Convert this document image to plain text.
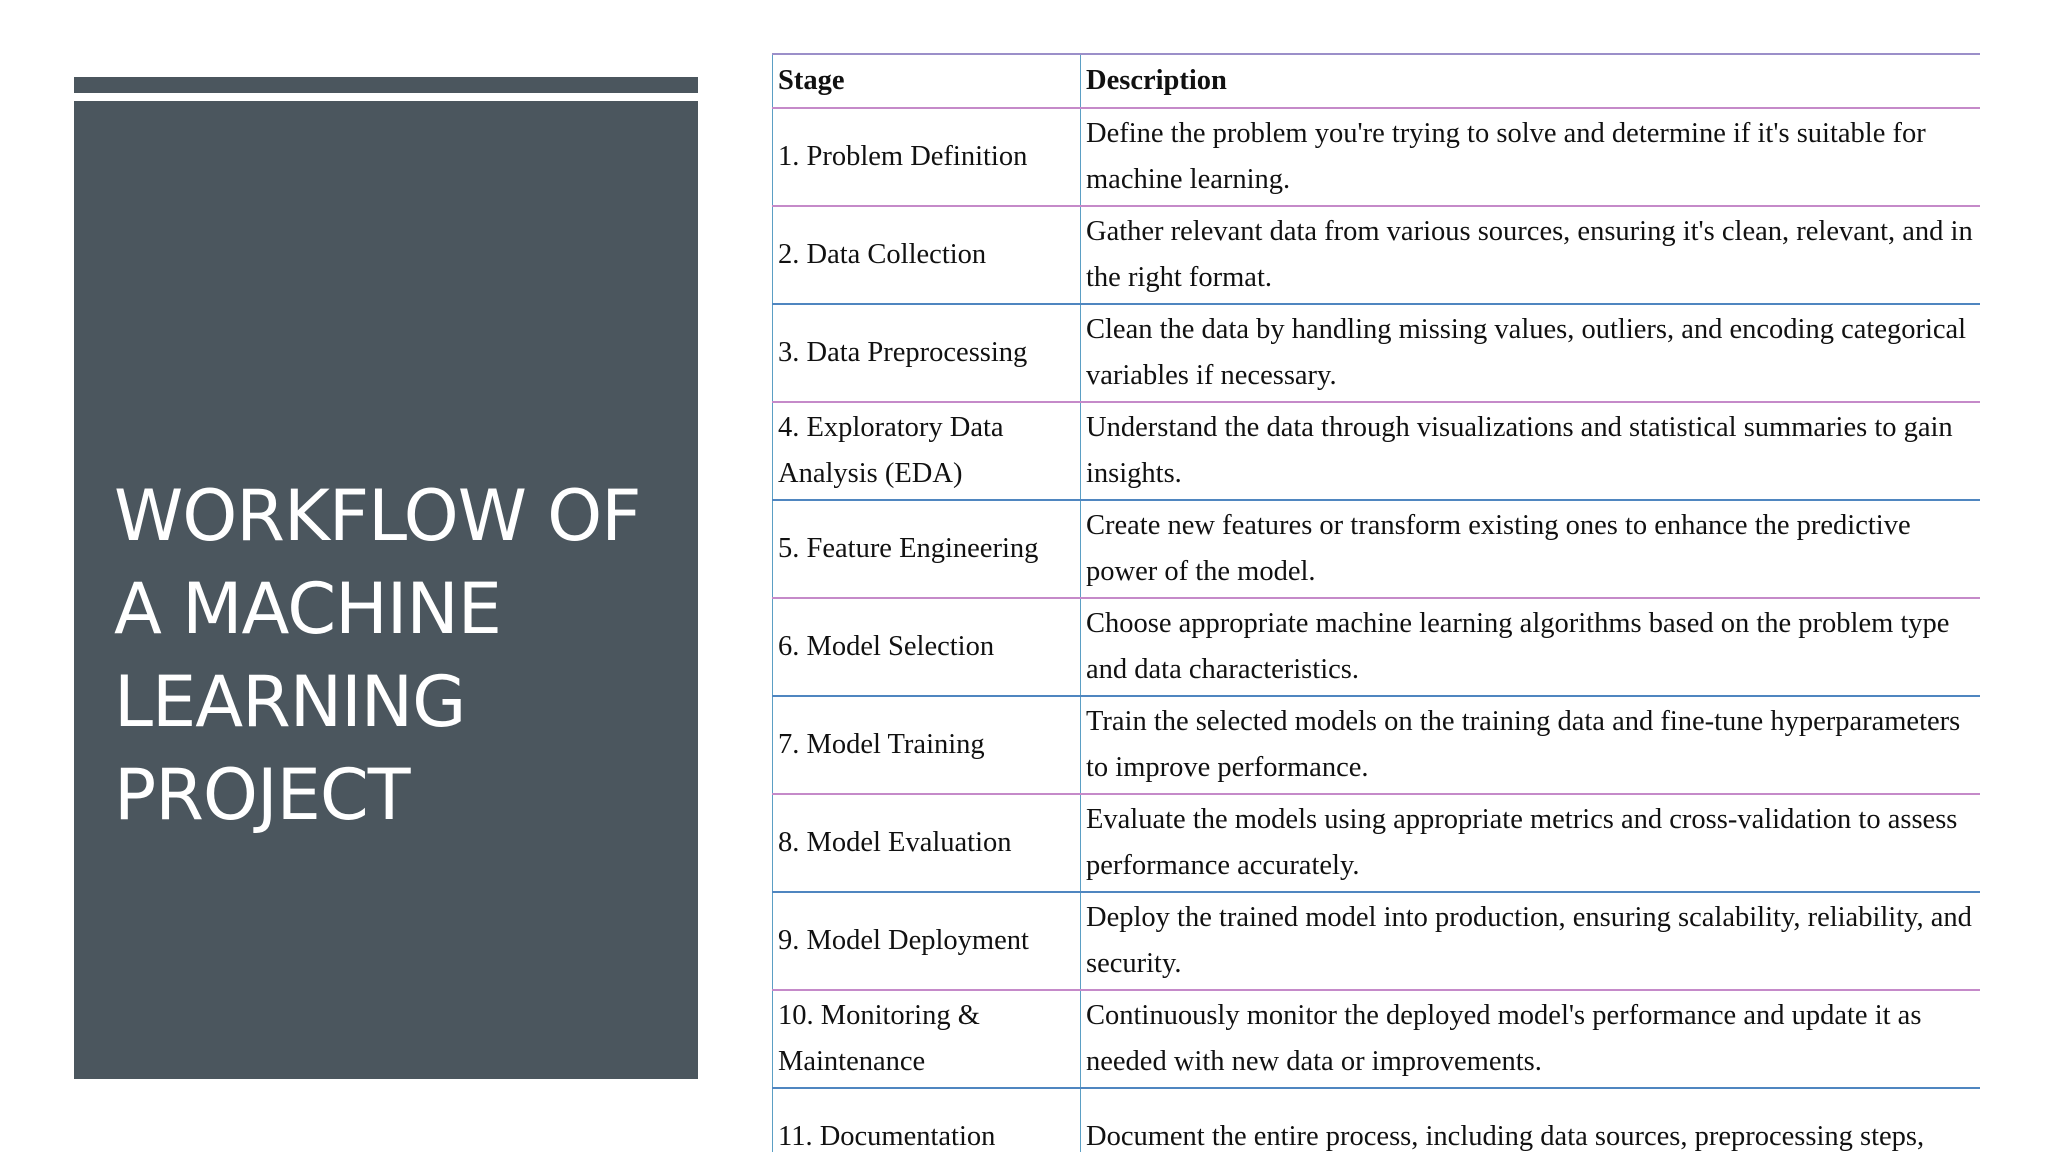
WORKFLOW OF
A MACHINE
LEARNING
PROJECT
Stage	Description
1. Problem Definition	Define the problem you're trying to solve and determine if it's suitable for machine learning.
2. Data Collection	Gather relevant data from various sources, ensuring it's clean, relevant, and in the right format.
3. Data Preprocessing	Clean the data by handling missing values, outliers, and encoding categorical variables if necessary.
4. Exploratory Data Analysis (EDA)	Understand the data through visualizations and statistical summaries to gain insights.
5. Feature Engineering	Create new features or transform existing ones to enhance the predictive power of the model.
6. Model Selection	Choose appropriate machine learning algorithms based on the problem type and data characteristics.
7. Model Training	Train the selected models on the training data and fine-tune hyperparameters to improve performance.
8. Model Evaluation	Evaluate the models using appropriate metrics and cross-validation to assess performance accurately.
9. Model Deployment	Deploy the trained model into production, ensuring scalability, reliability, and security.
10. Monitoring & Maintenance	Continuously monitor the deployed model's performance and update it as needed with new data or improvements.
11. Documentation	Document the entire process, including data sources, preprocessing steps,
